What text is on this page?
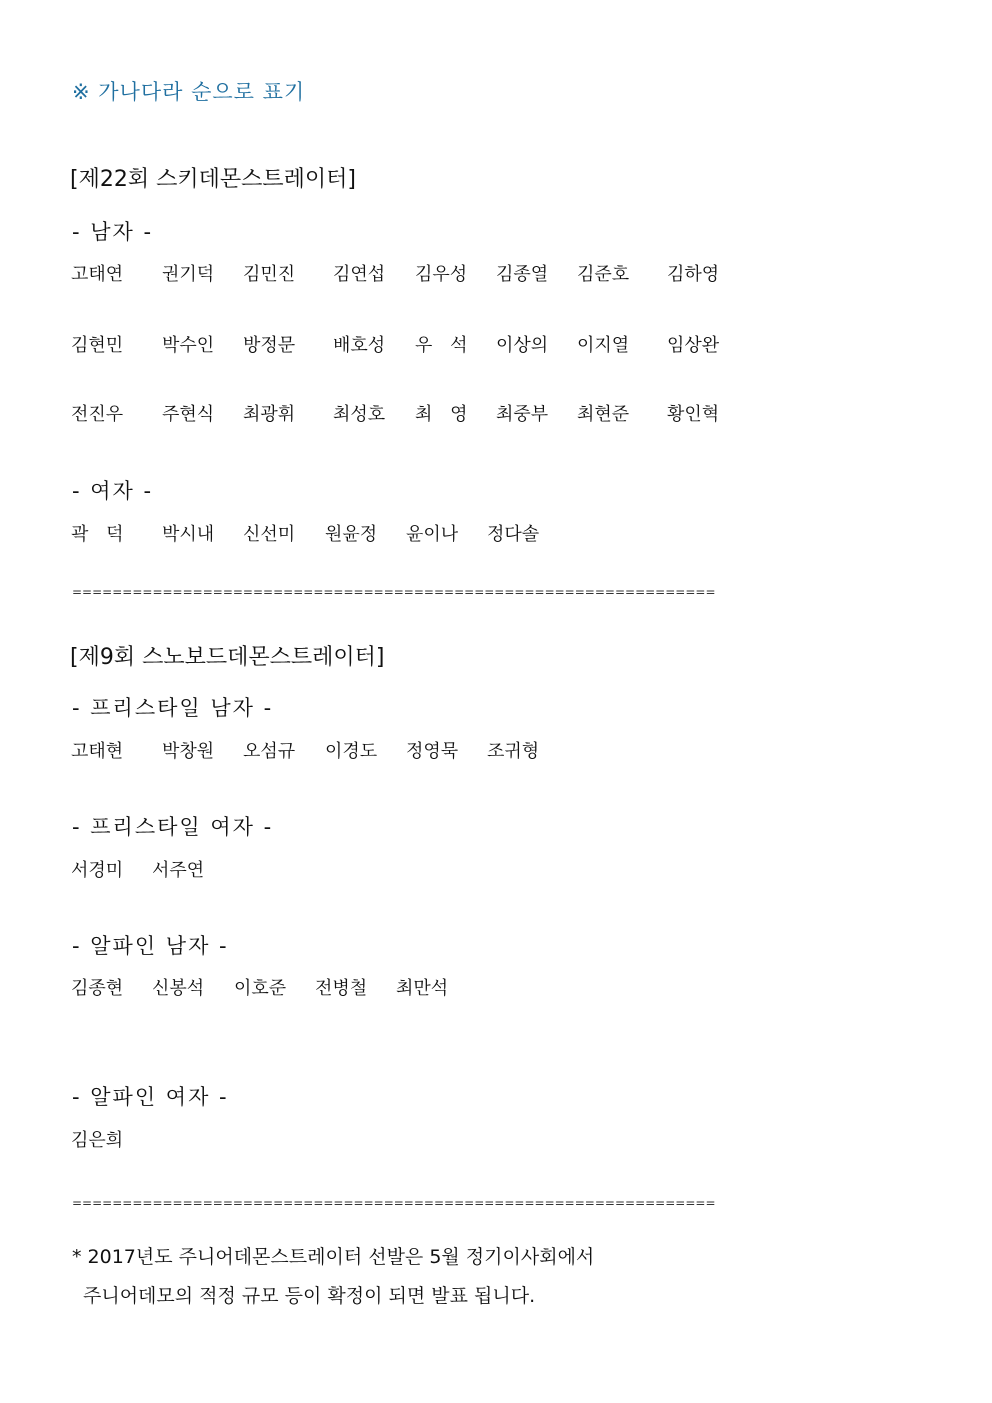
※ 가나다라 순으로 표기
[제22회 스키데몬스트레이터]
- 남자 -
고태연 권기덕 김민진 김연섭 김우성 김종열 김준호 김하영
김현민 박수인 방정문 배호성 우 석 이상의 이지열 임상완
전진우 주현식 최광휘 최성호 최 영 최중부 최현준 황인혁
- 여자 -
곽 덕 박시내 신선미 원윤정 윤이나 정다솔
================================================================
[제9회 스노보드데몬스트레이터]
- 프리스타일 남자 -
고태현 박창원 오섬규 이경도 정영묵 조귀형
- 프리스타일 여자 -
서경미 서주연
- 알파인 남자 -
김종현 신봉석 이호준 전병철 최만석
- 알파인 여자 -
김은희
================================================================
* 2017년도 주니어데몬스트레이터 선발은 5월 정기이사회에서
주니어데모의 적정 규모 등이 확정이 되면 발표 됩니다.
